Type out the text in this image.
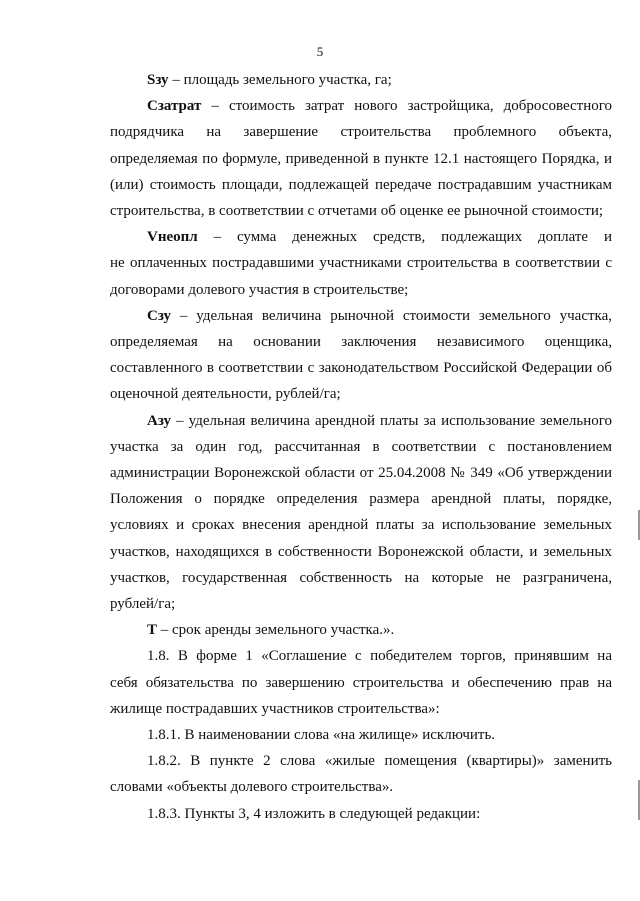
5
Sзу – площадь земельного участка, га;
Сзатрат – стоимость затрат нового застройщика, добросовестного
подрядчика на завершение строительства проблемного объекта,
определяемая по формуле, приведенной в пункте 12.1 настоящего Порядка, и
(или) стоимость площади, подлежащей передаче пострадавшим участникам
строительства, в соответствии с отчетами об оценке ее рыночной стоимости;
Vнеопл – сумма денежных средств, подлежащих доплате и
не оплаченных пострадавшими участниками строительства в соответствии с
договорами долевого участия в строительстве;
Сзу – удельная величина рыночной стоимости земельного участка,
определяемая на основании заключения независимого оценщика,
составленного в соответствии с законодательством Российской Федерации об
оценочной деятельности, рублей/га;
Азу – удельная величина арендной платы за использование земельного
участка за один год, рассчитанная в соответствии с постановлением
администрации Воронежской области от 25.04.2008 № 349 «Об утверждении
Положения о порядке определения размера арендной платы, порядке,
условиях и сроках внесения арендной платы за использование земельных
участков, находящихся в собственности Воронежской области, и земельных
участков, государственная собственность на которые не разграничена,
рублей/га;
Т – срок аренды земельного участка.».
1.8. В форме 1 «Соглашение с победителем торгов, принявшим на
себя обязательства по завершению строительства и обеспечению прав на
жилище пострадавших участников строительства»:
1.8.1. В наименовании слова «на жилище» исключить.
1.8.2. В пункте 2 слова «жилые помещения (квартиры)» заменить
словами «объекты долевого строительства».
1.8.3. Пункты 3, 4 изложить в следующей редакции:
